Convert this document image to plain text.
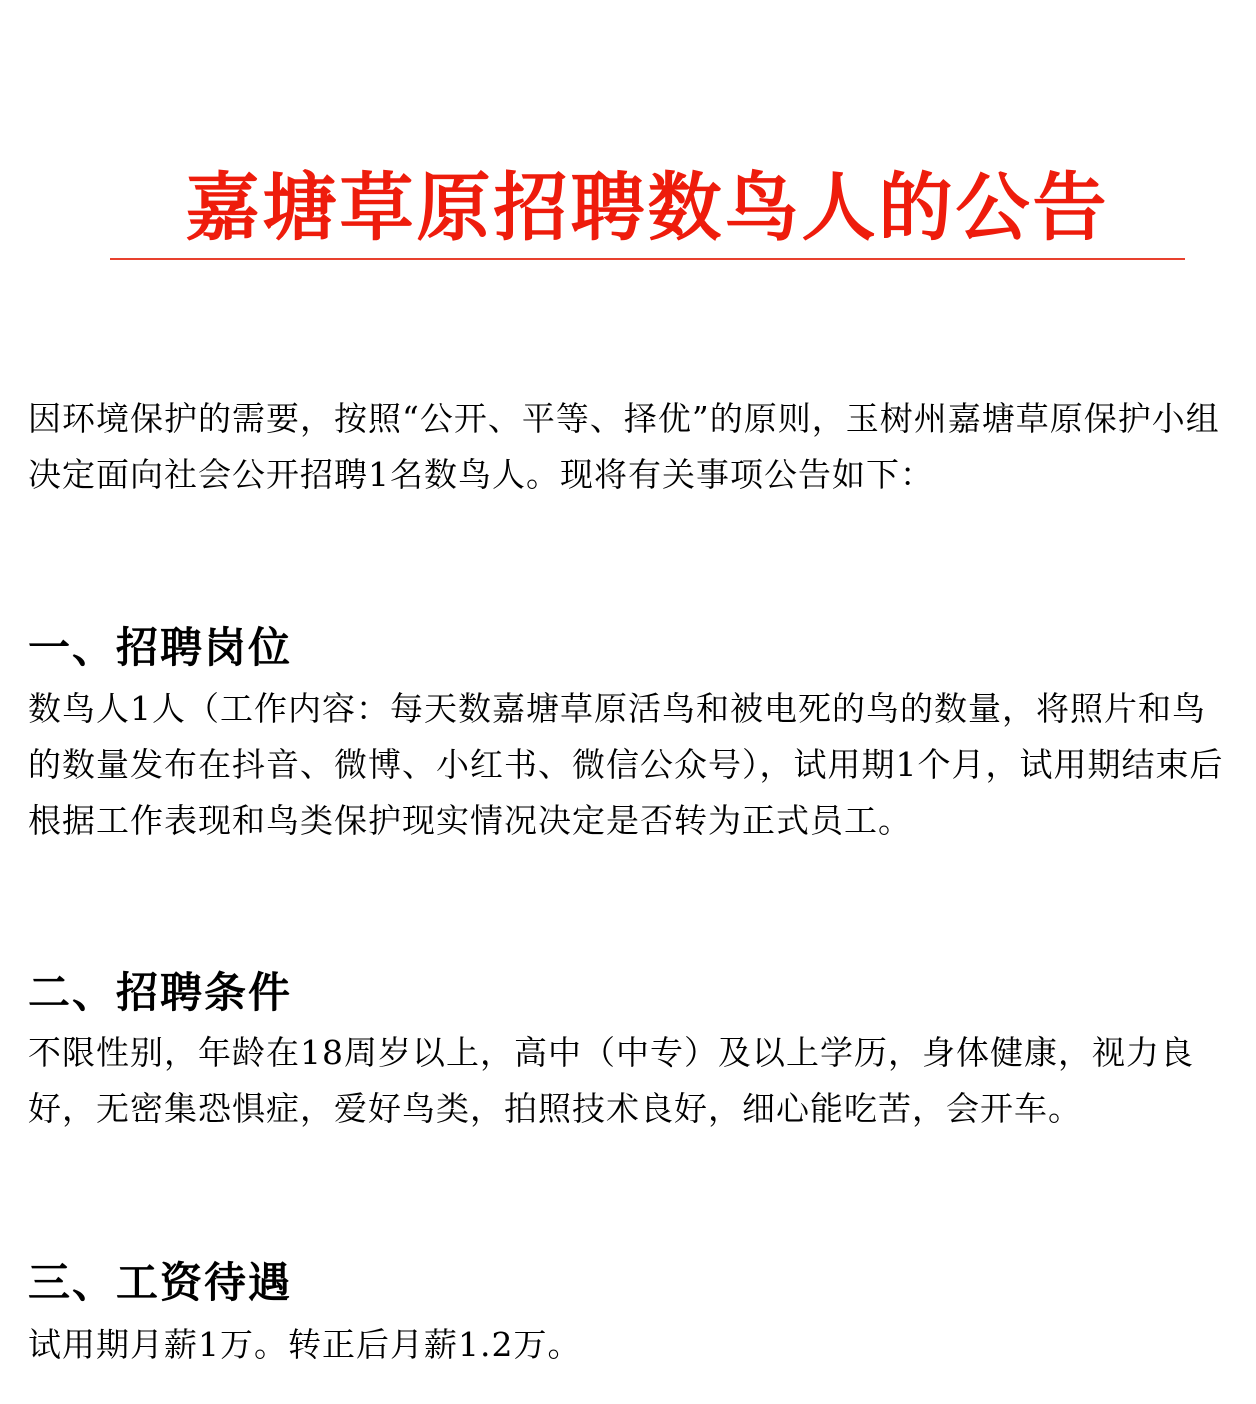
嘉塘草原招聘数鸟人的公告

因环境保护的需要，按照“公开、平等、择优”的原则，玉树州嘉塘草原保护小组决定面向社会公开招聘1名数鸟人。现将有关事项公告如下：

一、招聘岗位

数鸟人1人（工作内容：每天数嘉塘草原活鸟和被电死的鸟的数量，将照片和鸟的数量发布在抖音、微博、小红书、微信公众号），试用期1个月，试用期结束后根据工作表现和鸟类保护现实情况决定是否转为正式员工。

二、招聘条件

不限性别，年龄在18周岁以上，高中（中专）及以上学历，身体健康，视力良好，无密集恐惧症，爱好鸟类，拍照技术良好，细心能吃苦，会开车。

三、工资待遇

试用期月薪1万。转正后月薪1.2万。
